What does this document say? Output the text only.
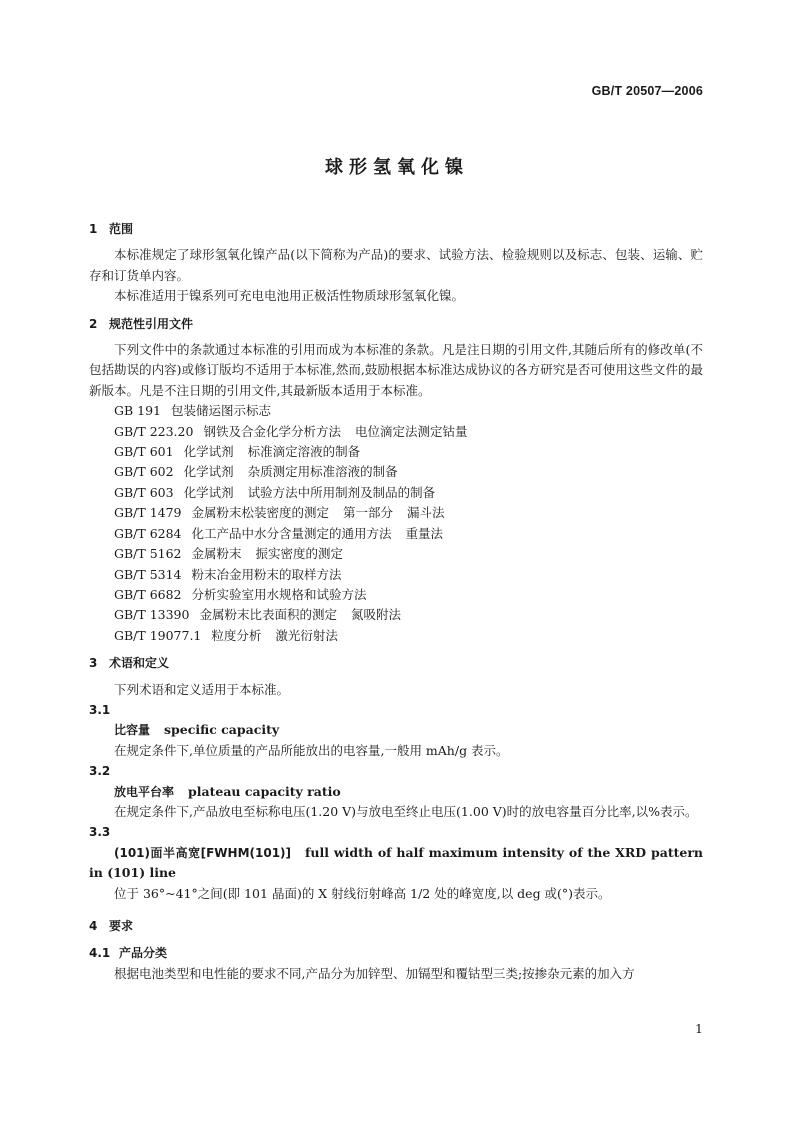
GB/T 20507—2006
球形氢氧化镍
1 范围
本标准规定了球形氢氧化镍产品(以下简称为产品)的要求、试验方法、检验规则以及标志、包装、运输、贮存和订货单内容。
本标准适用于镍系列可充电电池用正极活性物质球形氢氧化镍。
2 规范性引用文件
下列文件中的条款通过本标准的引用而成为本标准的条款。凡是注日期的引用文件,其随后所有的修改单(不包括勘误的内容)或修订版均不适用于本标准,然而,鼓励根据本标准达成协议的各方研究是否可使用这些文件的最新版本。凡是不注日期的引用文件,其最新版本适用于本标准。
GB 191 包装储运图示标志
GB/T 223.20 钢铁及合金化学分析方法 电位滴定法测定钴量
GB/T 601 化学试剂 标准滴定溶液的制备
GB/T 602 化学试剂 杂质测定用标准溶液的制备
GB/T 603 化学试剂 试验方法中所用制剂及制品的制备
GB/T 1479 金属粉末松装密度的测定 第一部分 漏斗法
GB/T 6284 化工产品中水分含量测定的通用方法 重量法
GB/T 5162 金属粉末 振实密度的测定
GB/T 5314 粉末冶金用粉末的取样方法
GB/T 6682 分析实验室用水规格和试验方法
GB/T 13390 金属粉末比表面积的测定 氮吸附法
GB/T 19077.1 粒度分析 激光衍射法
3 术语和定义
下列术语和定义适用于本标准。
3.1
比容量 specific capacity
在规定条件下,单位质量的产品所能放出的电容量,一般用 mAh/g 表示。
3.2
放电平台率 plateau capacity ratio
在规定条件下,产品放电至标称电压(1.20 V)与放电至终止电压(1.00 V)时的放电容量百分比率,以%表示。
3.3
(101)面半高宽[FWHM(101)] full width of half maximum intensity of the XRD pattern in (101) line
位于 36°~41°之间(即 101 晶面)的 X 射线衍射峰高 1/2 处的峰宽度,以 deg 或(°)表示。
4 要求
4.1 产品分类
根据电池类型和电性能的要求不同,产品分为加锌型、加镉型和覆钴型三类;按掺杂元素的加入方
1
